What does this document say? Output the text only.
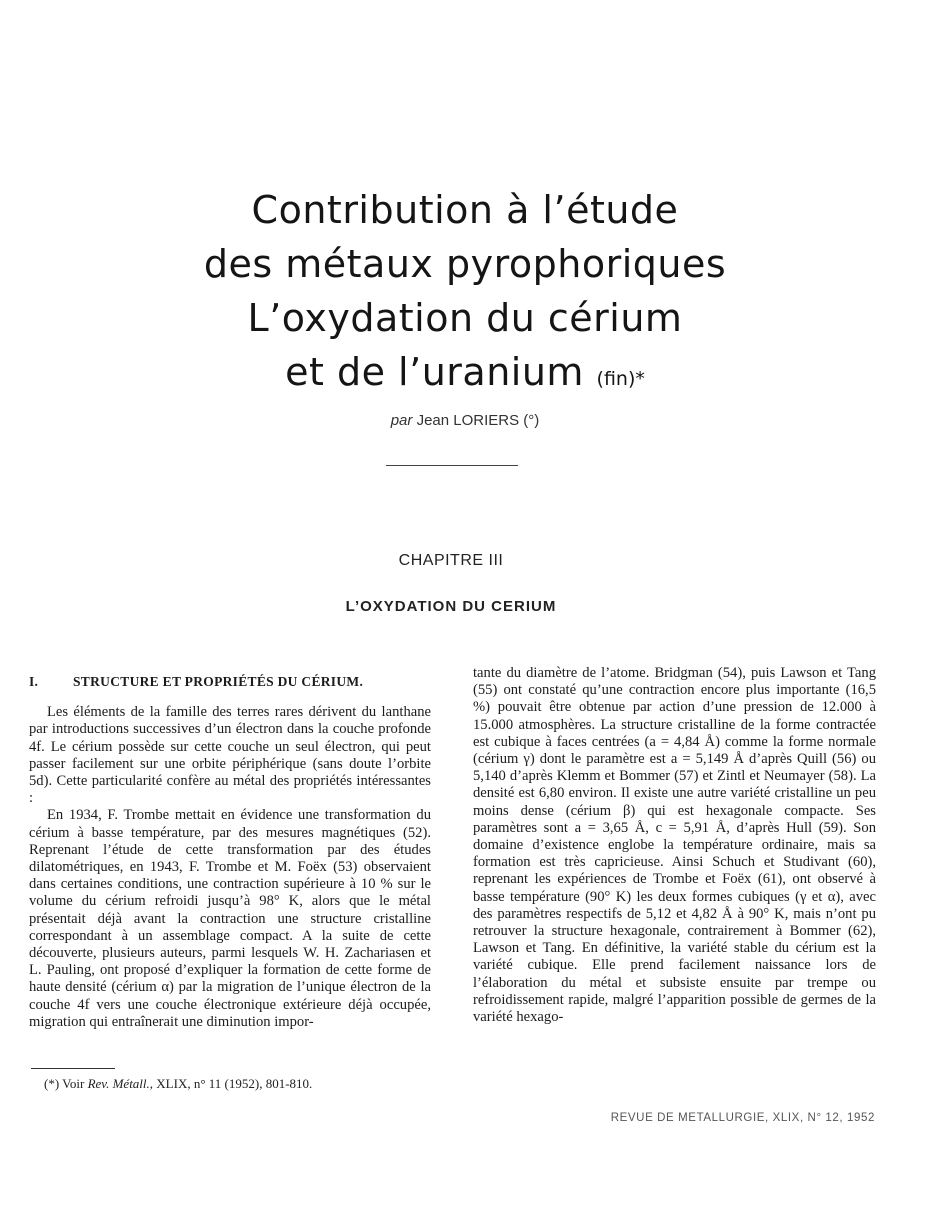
Contribution à l’étude
des métaux pyrophoriques
L’oxydation du cérium
et de l’uranium (fin)*
par Jean LORIERS (°)
CHAPITRE III
L’OXYDATION DU CERIUM
I.	STRUCTURE ET PROPRIÉTÉS DU CÉRIUM.

Les éléments de la famille des terres rares dérivent du lanthane par introductions successives d’un électron dans la couche profonde 4f. Le cérium possède sur cette couche un seul électron, qui peut passer facilement sur une orbite périphérique (sans doute l’orbite 5d). Cette particularité confère au métal des propriétés intéressantes :

En 1934, F. Trombe mettait en évidence une transformation du cérium à basse température, par des mesures magnétiques (52). Reprenant l’étude de cette transformation par des études dilatométriques, en 1943, F. Trombe et M. Foëx (53) observaient dans certaines conditions, une contraction supérieure à 10 % sur le volume du cérium refroidi jusqu’à 98° K, alors que le métal présentait déjà avant la contraction une structure cristalline correspondant à un assemblage compact. A la suite de cette découverte, plusieurs auteurs, parmi lesquels W. H. Zachariasen et L. Pauling, ont proposé d’expliquer la formation de cette forme de haute densité (cérium α) par la migration de l’unique électron de la couche 4f vers une couche électronique extérieure déjà occupée, migration qui entraînerait une diminution impor-

tante du diamètre de l’atome. Bridgman (54), puis Lawson et Tang (55) ont constaté qu’une contraction encore plus importante (16,5 %) pouvait être obtenue par action d’une pression de 12.000 à 15.000 atmosphères. La structure cristalline de la forme contractée est cubique à faces centrées (a = 4,84 Å) comme la forme normale (cérium γ) dont le paramètre est a = 5,149 Å d’après Quill (56) ou 5,140 d’après Klemm et Bommer (57) et Zintl et Neumayer (58). La densité est 6,80 environ. Il existe une autre variété cristalline un peu moins dense (cérium β) qui est hexagonale compacte. Ses paramètres sont a = 3,65 Å, c = 5,91 Å, d’après Hull (59). Son domaine d’existence englobe la température ordinaire, mais sa formation est très capricieuse. Ainsi Schuch et Studivant (60), reprenant les expériences de Trombe et Foëx (61), ont observé à basse température (90° K) les deux formes cubiques (γ et α), avec des paramètres respectifs de 5,12 et 4,82 Å à 90° K, mais n’ont pu retrouver la structure hexagonale, contrairement à Bommer (62), Lawson et Tang. En définitive, la variété stable du cérium est la variété cubique. Elle prend facilement naissance lors de l’élaboration du métal et subsiste ensuite par trempe ou refroidissement rapide, malgré l’apparition possible de germes de la variété hexago-

(*) Voir Rev. Métall., XLIX, n° 11 (1952), 801-810.
REVUE DE METALLURGIE, XLIX, N° 12, 1952
